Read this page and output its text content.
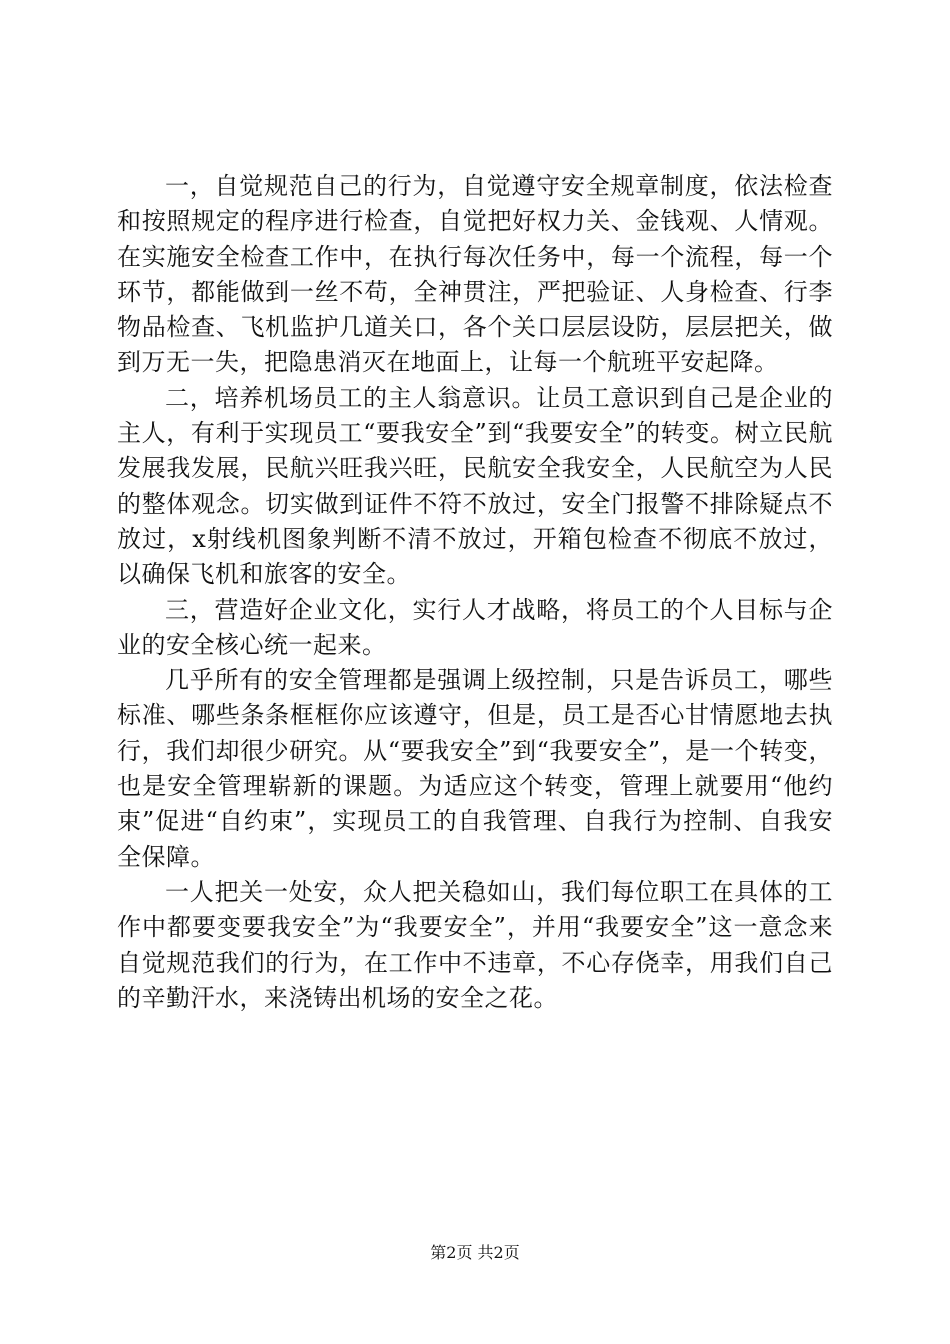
一，自觉规范自己的行为，自觉遵守安全规章制度，依法检查和按照规定的程序进行检查，自觉把好权力关、金钱观、人情观。在实施安全检查工作中，在执行每次任务中，每一个流程，每一个环节，都能做到一丝不苟，全神贯注，严把验证、人身检查、行李物品检查、飞机监护几道关口，各个关口层层设防，层层把关，做到万无一失，把隐患消灭在地面上，让每一个航班平安起降。

二，培养机场员工的主人翁意识。让员工意识到自己是企业的主人，有利于实现员工“要我安全”到“我要安全”的转变。树立民航发展我发展，民航兴旺我兴旺，民航安全我安全，人民航空为人民的整体观念。切实做到证件不符不放过，安全门报警不排除疑点不放过，x射线机图象判断不清不放过，开箱包检查不彻底不放过，以确保飞机和旅客的安全。

三，营造好企业文化，实行人才战略，将员工的个人目标与企业的安全核心统一起来。

几乎所有的安全管理都是强调上级控制，只是告诉员工，哪些标准、哪些条条框框你应该遵守，但是，员工是否心甘情愿地去执行，我们却很少研究。从“要我安全”到“我要安全”，是一个转变，也是安全管理崭新的课题。为适应这个转变，管理上就要用“他约束”促进“自约束”，实现员工的自我管理、自我行为控制、自我安全保障。

一人把关一处安，众人把关稳如山，我们每位职工在具体的工作中都要变要我安全”为“我要安全”，并用“我要安全”这一意念来自觉规范我们的行为，在工作中不违章，不心存侥幸，用我们自己的辛勤汗水，来浇铸出机场的安全之花。

第2页 共2页
